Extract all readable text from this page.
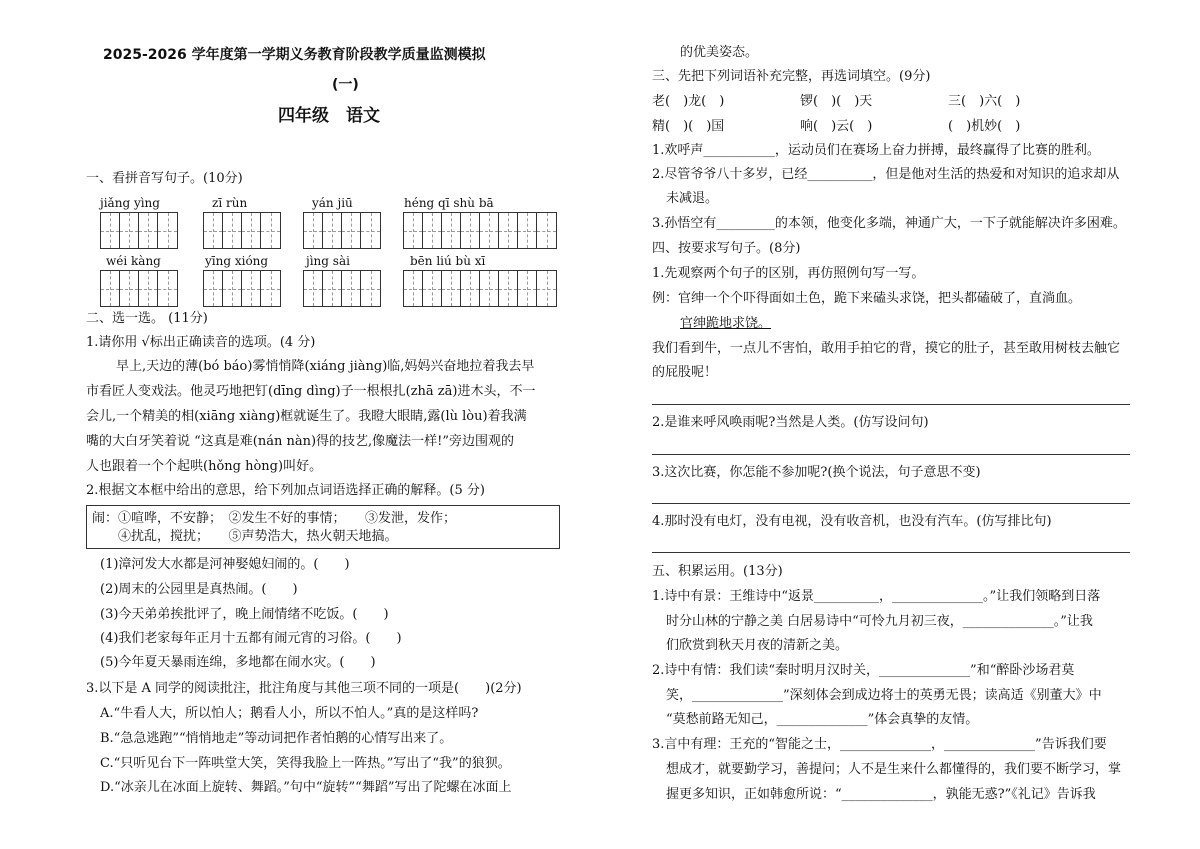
2025-2026 学年度第一学期义务教育阶段教学质量监测模拟
(一)
四年级　语文
一、看拼音写句子。(10分)
jiǎng yìng	zī rùn	yán jiū	héng qī shù bā
wéi kàng	yīng xióng	jìng sài	bēn liú bù xī
二、选一选。 (11分)
1.请你用 √标出正确读音的选项。(4 分)
早上,天边的薄(bó báo)雾悄悄降(xiáng jiàng)临,妈妈兴奋地拉着我去早
市看匠人变戏法。他灵巧地把钉(dīng dìng)子一根根扎(zhā zā)进木头，不一
会儿,一个精美的相(xiāng xiàng)框就诞生了。我瞪大眼睛,露(lù lòu)着我满
嘴的大白牙笑着说 “这真是难(nán nàn)得的技艺,像魔法一样!”旁边围观的
人也跟着一个个起哄(hǒng hòng)叫好。
2.根据文本框中给出的意思，给下列加点词语选择正确的解释。(5 分)
闹：①喧哗，不安静；　②发生不好的事情；　　③发泄，发作；
④扰乱，搅扰；　　⑤声势浩大，热火朝天地搞。
(1)漳河发大水都是河神娶媳妇闹的。(　　)
(2)周末的公园里是真热闹。(　　)
(3)今天弟弟挨批评了，晚上闹情绪不吃饭。(　　)
(4)我们老家每年正月十五都有闹元宵的习俗。(　　)
(5)今年夏天暴雨连绵，多地都在闹水灾。(　　)
3.以下是 A 同学的阅读批注，批注角度与其他三项不同的一项是(　　)(2分)
A.“牛看人大，所以怕人；鹅看人小，所以不怕人。”真的是这样吗?
B.“急急逃跑”“悄悄地走”等动词把作者怕鹅的心情写出来了。
C.“只听见台下一阵哄堂大笑，笑得我脸上一阵热。”写出了“我”的狼狈。
D.“冰亲儿在冰面上旋转、舞蹈。”句中“旋转”“舞蹈”写出了陀螺在冰面上
的优美姿态。
三、先把下列词语补充完整，再选词填空。(9分)
老(　)龙(　)	锣(　)(　)天	三(　)六(　)
精(　)(　)国	响(　)云(　)	(　)机妙(　)
1.欢呼声___________，运动员们在赛场上奋力拼搏，最终赢得了比赛的胜利。
2.尽管爷爷八十多岁，已经__________，但是他对生活的热爱和对知识的追求却从
未减退。
3.孙悟空有_________的本领，他变化多端，神通广大，一下子就能解决许多困难。
四、按要求写句子。(8分)
1.先观察两个句子的区别，再仿照例句写一写。
例：官绅一个个吓得面如土色，跪下来磕头求饶，把头都磕破了，直淌血。
官绅跪地求饶。
我们看到牛，一点儿不害怕，敢用手拍它的背，摸它的肚子，甚至敢用树枝去触它
的屁股呢！
2.是谁来呼风唤雨呢?当然是人类。(仿写设问句)
3.这次比赛，你怎能不参加呢?(换个说法，句子意思不变)
4.那时没有电灯，没有电视，没有收音机，也没有汽车。(仿写排比句)
五、积累运用。(13分)
1.诗中有景：王维诗中“返景__________，______________。”让我们领略到日落
时分山林的宁静之美 白居易诗中“可怜九月初三夜，______________。”让我
们欣赏到秋天月夜的清新之美。
2.诗中有情：我们读“秦时明月汉时关，______________”和“醉卧沙场君莫
笑，______________”深刻体会到成边将士的英勇无畏；读高适《别董大》中
“莫愁前路无知己，______________”体会真挚的友情。
3.言中有理：王充的“智能之士，______________，______________”告诉我们要
想成才，就要勤学习，善提问；人不是生来什么都懂得的，我们要不断学习，掌
握更多知识，正如韩愈所说：“______________，孰能无惑?”《礼记》告诉我
